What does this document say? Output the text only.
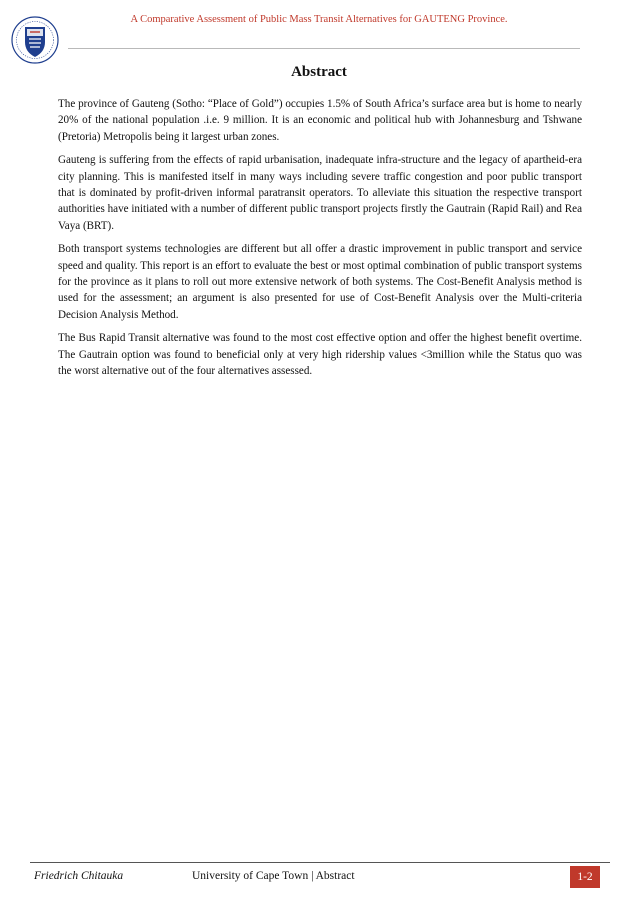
A Comparative Assessment of Public Mass Transit Alternatives for GAUTENG Province.
Abstract

The province of Gauteng (Sotho: “Place of Gold”) occupies 1.5% of South Africa’s surface area but is home to nearly 20% of the national population .i.e. 9 million. It is an economic and political hub with Johannesburg and Tshwane (Pretoria) Metropolis being it largest urban zones.

Gauteng is suffering from the effects of rapid urbanisation, inadequate infra-structure and the legacy of apartheid-era city planning. This is manifested itself in many ways including severe traffic congestion and poor public transport that is dominated by profit-driven informal paratransit operators. To alleviate this situation the respective transport authorities have initiated with a number of different public transport projects firstly the Gautrain (Rapid Rail) and Rea Vaya (BRT).

Both transport systems technologies are different but all offer a drastic improvement in public transport and service speed and quality. This report is an effort to evaluate the best or most optimal combination of public transport systems for the province as it plans to roll out more extensive network of both systems. The Cost-Benefit Analysis method is used for the assessment; an argument is also presented for use of Cost-Benefit Analysis over the Multi-criteria Decision Analysis Method.

The Bus Rapid Transit alternative was found to the most cost effective option and offer the highest benefit overtime. The Gautrain option was found to beneficial only at very high ridership values <3million while the Status quo was the worst alternative out of the four alternatives assessed.

Friedrich Chitauka	University of Cape Town | Abstract	1-2
